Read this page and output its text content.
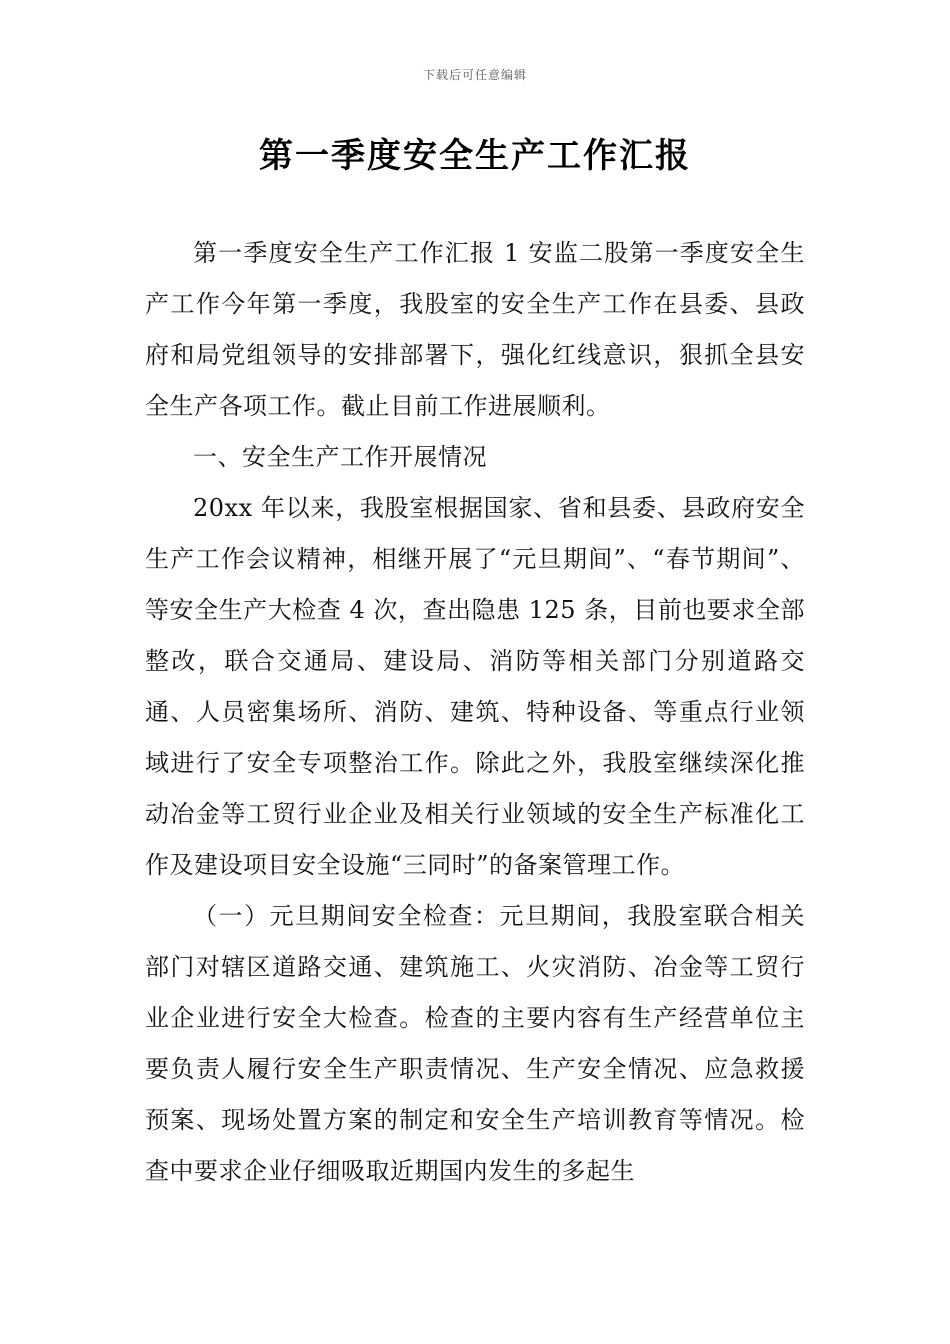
下载后可任意编辑
第一季度安全生产工作汇报

第一季度安全生产工作汇报 1 安监二股第一季度安全生产工作今年第一季度，我股室的安全生产工作在县委、县政府和局党组领导的安排部署下，强化红线意识，狠抓全县安全生产各项工作。截止目前工作进展顺利。

一、安全生产工作开展情况

20xx 年以来，我股室根据国家、省和县委、县政府安全生产工作会议精神，相继开展了“元旦期间”、“春节期间”、等安全生产大检查 4 次，查出隐患 125 条，目前也要求全部整改，联合交通局、建设局、消防等相关部门分别道路交通、人员密集场所、消防、建筑、特种设备、等重点行业领域进行了安全专项整治工作。除此之外，我股室继续深化推动冶金等工贸行业企业及相关行业领域的安全生产标准化工作及建设项目安全设施“三同时”的备案管理工作。

（一）元旦期间安全检查：元旦期间，我股室联合相关部门对辖区道路交通、建筑施工、火灾消防、冶金等工贸行业企业进行安全大检查。检查的主要内容有生产经营单位主要负责人履行安全生产职责情况、生产安全情况、应急救援预案、现场处置方案的制定和安全生产培训教育等情况。检查中要求企业仔细吸取近期国内发生的多起生
